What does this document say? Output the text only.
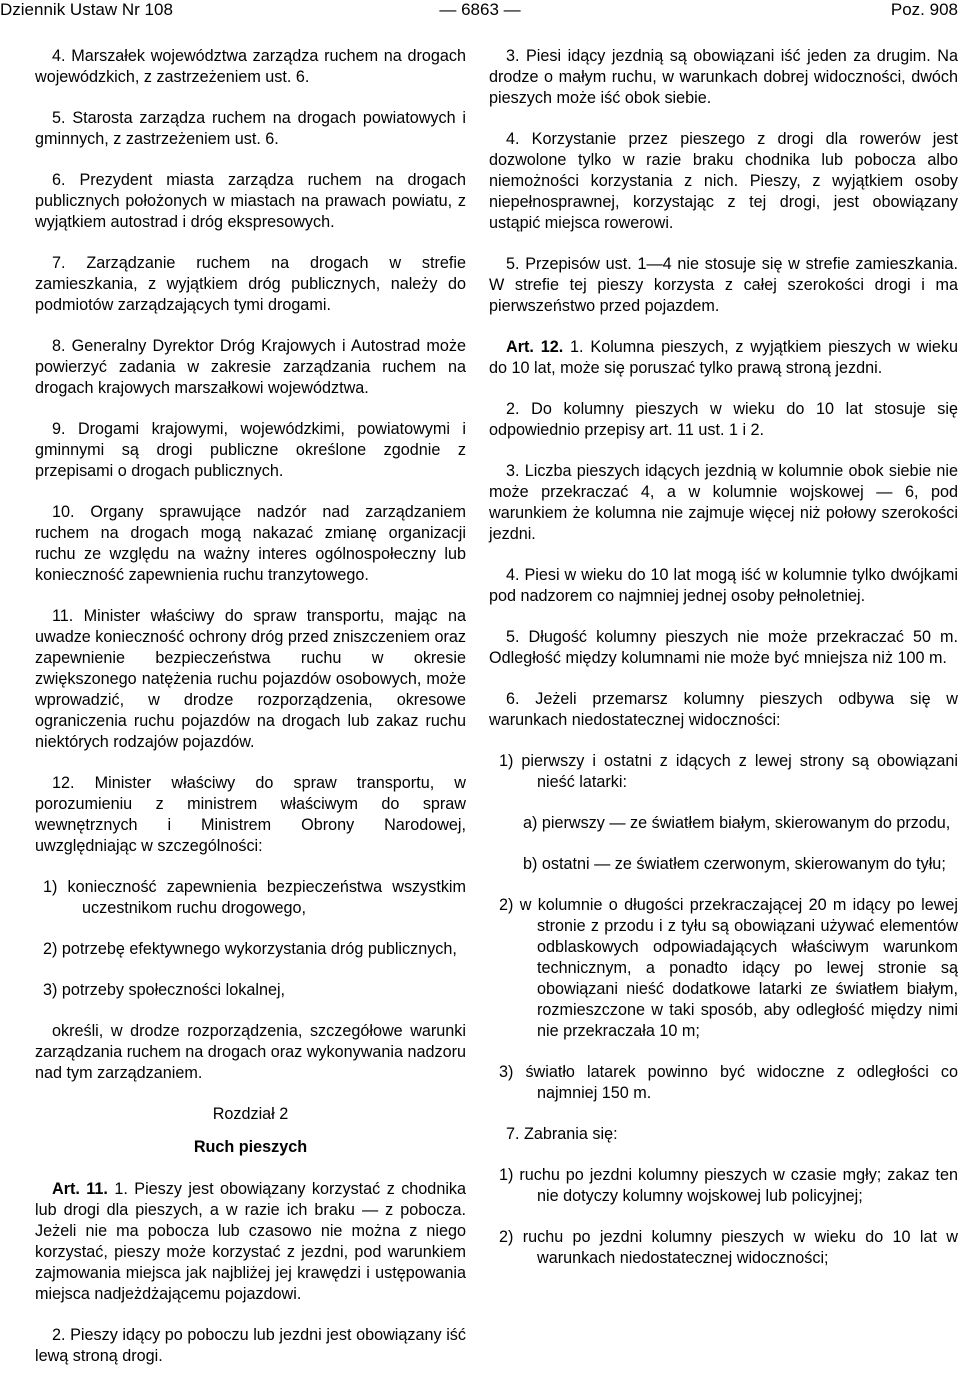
Dziennik Ustaw Nr 108	— 6863 —	Poz. 908

4. Marszałek województwa zarządza ruchem na drogach wojewódzkich, z zastrzeżeniem ust. 6.

5. Starosta zarządza ruchem na drogach powiatowych i gminnych, z zastrzeżeniem ust. 6.

6. Prezydent miasta zarządza ruchem na drogach publicznych położonych w miastach na prawach powiatu, z wyjątkiem autostrad i dróg ekspresowych.

7. Zarządzanie ruchem na drogach w strefie zamieszkania, z wyjątkiem dróg publicznych, należy do podmiotów zarządzających tymi drogami.

8. Generalny Dyrektor Dróg Krajowych i Autostrad może powierzyć zadania w zakresie zarządzania ruchem na drogach krajowych marszałkowi województwa.

9. Drogami krajowymi, wojewódzkimi, powiatowymi i gminnymi są drogi publiczne określone zgodnie z przepisami o drogach publicznych.

10. Organy sprawujące nadzór nad zarządzaniem ruchem na drogach mogą nakazać zmianę organizacji ruchu ze względu na ważny interes ogólnospołeczny lub konieczność zapewnienia ruchu tranzytowego.

11. Minister właściwy do spraw transportu, mając na uwadze konieczność ochrony dróg przed zniszczeniem oraz zapewnienie bezpieczeństwa ruchu w okresie zwiększonego natężenia ruchu pojazdów osobowych, może wprowadzić, w drodze rozporządzenia, okresowe ograniczenia ruchu pojazdów na drogach lub zakaz ruchu niektórych rodzajów pojazdów.

12. Minister właściwy do spraw transportu, w porozumieniu z ministrem właściwym do spraw wewnętrznych i Ministrem Obrony Narodowej, uwzględniając w szczególności:

1) konieczność zapewnienia bezpieczeństwa wszystkim uczestnikom ruchu drogowego,

2) potrzebę efektywnego wykorzystania dróg publicznych,

3) potrzeby społeczności lokalnej,

określi, w drodze rozporządzenia, szczegółowe warunki zarządzania ruchem na drogach oraz wykonywania nadzoru nad tym zarządzaniem.

Rozdział 2

Ruch pieszych

Art. 11. 1. Pieszy jest obowiązany korzystać z chodnika lub drogi dla pieszych, a w razie ich braku — z pobocza. Jeżeli nie ma pobocza lub czasowo nie można z niego korzystać, pieszy może korzystać z jezdni, pod warunkiem zajmowania miejsca jak najbliżej jej krawędzi i ustępowania miejsca nadjeżdżającemu pojazdowi.

2. Pieszy idący po poboczu lub jezdni jest obowiązany iść lewą stroną drogi.

3. Piesi idący jezdnią są obowiązani iść jeden za drugim. Na drodze o małym ruchu, w warunkach dobrej widoczności, dwóch pieszych może iść obok siebie.

4. Korzystanie przez pieszego z drogi dla rowerów jest dozwolone tylko w razie braku chodnika lub pobocza albo niemożności korzystania z nich. Pieszy, z wyjątkiem osoby niepełnosprawnej, korzystając z tej drogi, jest obowiązany ustąpić miejsca rowerowi.

5. Przepisów ust. 1—4 nie stosuje się w strefie zamieszkania. W strefie tej pieszy korzysta z całej szerokości drogi i ma pierwszeństwo przed pojazdem.

Art. 12. 1. Kolumna pieszych, z wyjątkiem pieszych w wieku do 10 lat, może się poruszać tylko prawą stroną jezdni.

2. Do kolumny pieszych w wieku do 10 lat stosuje się odpowiednio przepisy art. 11 ust. 1 i 2.

3. Liczba pieszych idących jezdnią w kolumnie obok siebie nie może przekraczać 4, a w kolumnie wojskowej — 6, pod warunkiem że kolumna nie zajmuje więcej niż połowy szerokości jezdni.

4. Piesi w wieku do 10 lat mogą iść w kolumnie tylko dwójkami pod nadzorem co najmniej jednej osoby pełnoletniej.

5. Długość kolumny pieszych nie może przekraczać 50 m. Odległość między kolumnami nie może być mniejsza niż 100 m.

6. Jeżeli przemarsz kolumny pieszych odbywa się w warunkach niedostatecznej widoczności:

1) pierwszy i ostatni z idących z lewej strony są obowiązani nieść latarki:

a) pierwszy — ze światłem białym, skierowanym do przodu,

b) ostatni — ze światłem czerwonym, skierowanym do tyłu;

2) w kolumnie o długości przekraczającej 20 m idący po lewej stronie z przodu i z tyłu są obowiązani używać elementów odblaskowych odpowiadających właściwym warunkom technicznym, a ponadto idący po lewej stronie są obowiązani nieść dodatkowe latarki ze światłem białym, rozmieszczone w taki sposób, aby odległość między nimi nie przekraczała 10 m;

3) światło latarek powinno być widoczne z odległości co najmniej 150 m.

7. Zabrania się:

1) ruchu po jezdni kolumny pieszych w czasie mgły; zakaz ten nie dotyczy kolumny wojskowej lub policyjnej;

2) ruchu po jezdni kolumny pieszych w wieku do 10 lat w warunkach niedostatecznej widoczności;
